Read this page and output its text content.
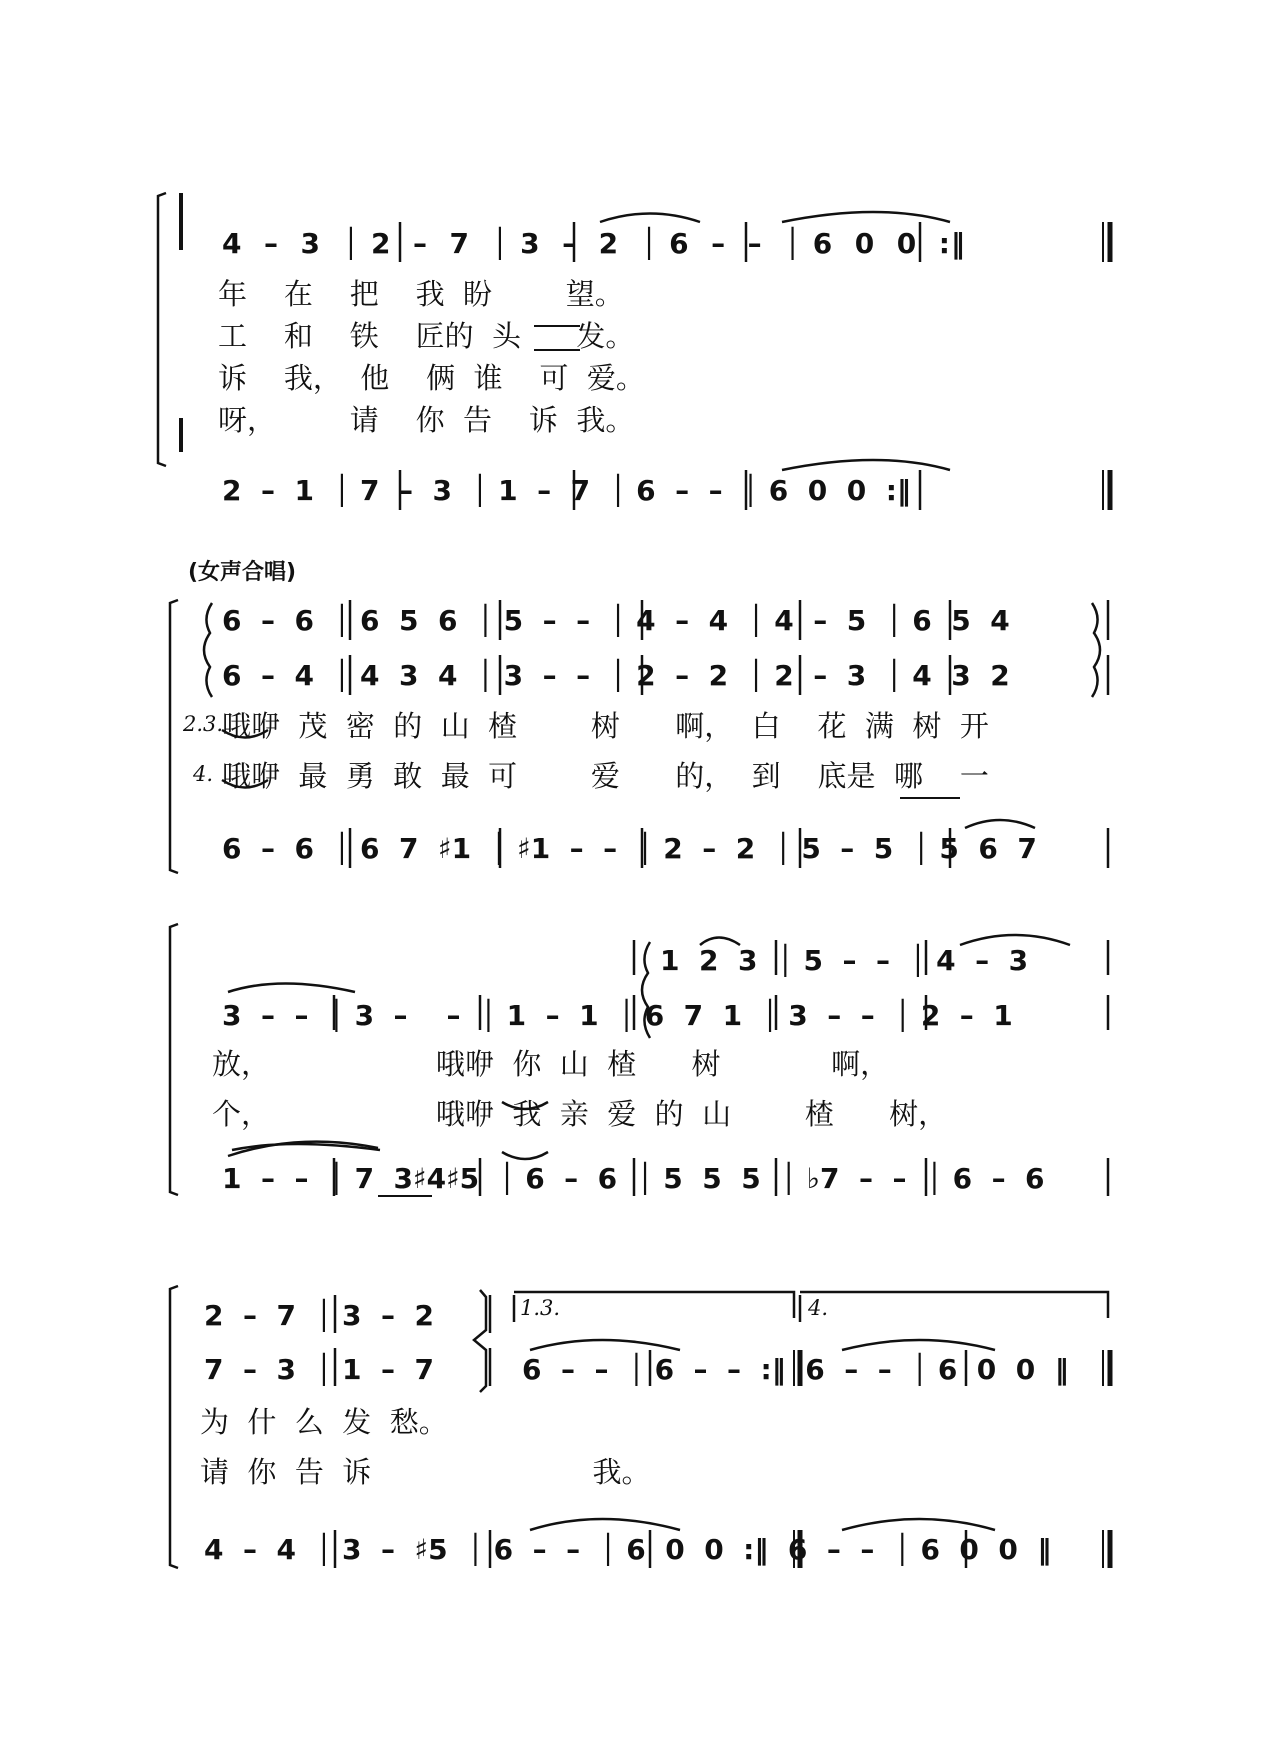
4  –  3  │ 2  –  7  │ 3  –  2  │ 6  –  –  │ 6  0  0  :‖
年    在    把    我  盼        望。
工    和    铁    匠的  头      发。
诉    我，  他    俩  谁    可  爱。
呀，        请    你  告    诉  我。
2  –  1  │ 7  –  3  │ 1  –  7  │ 6  –  –  │ 6  0  0  :‖
(女声合唱)
6  –  6  │ 6  5  6  │ 5  –  –  │ 4  –  4  │ 4  –  5  │ 6  5  4
6  –  4  │ 4  3  4  │ 3  –  –  │ 2  –  2  │ 2  –  3  │ 4  3  2
2.3.
哦咿  茂  密  的  山  楂        树      啊，  白    花  满  树  开
4. 哦咿  最  勇  敢  最  可        爱      的，  到    底是  哪    一
6  –  6  │ 6  7  ♯1  │ ♯1  –  –  │ 2  –  2  │ 5  –  5  │ 5  6  7
1  2  3  │ 5  –  –  │ 4  –  3
3  –  –  │ 3  –    –  │ 1  –  1  │ 6  7  1  │ 3  –  –  │ 2  –  1
放，                  哦咿  你  山  楂      树            啊，
个，                  哦咿  我  亲  爱  的  山        楂      树，
1  –  –  │ 7  3♯4♯5  │ 6  –  6  │ 5  5  5  │ ♭7  –  –  │ 6  –  6
2  –  7  │ 3  –  2
7  –  3  │ 1  –  7
1.3.	4.
6  –  –  │ 6  –  –  :‖  6  –  –  │ 6  0  0  ‖
为  什  么  发  愁。
请  你  告  诉                        我。
4  –  4  │ 3  –  ♯5  │ 6  –  –  │ 6  0  0  :‖  6  –  –  │ 6  0  0  ‖
